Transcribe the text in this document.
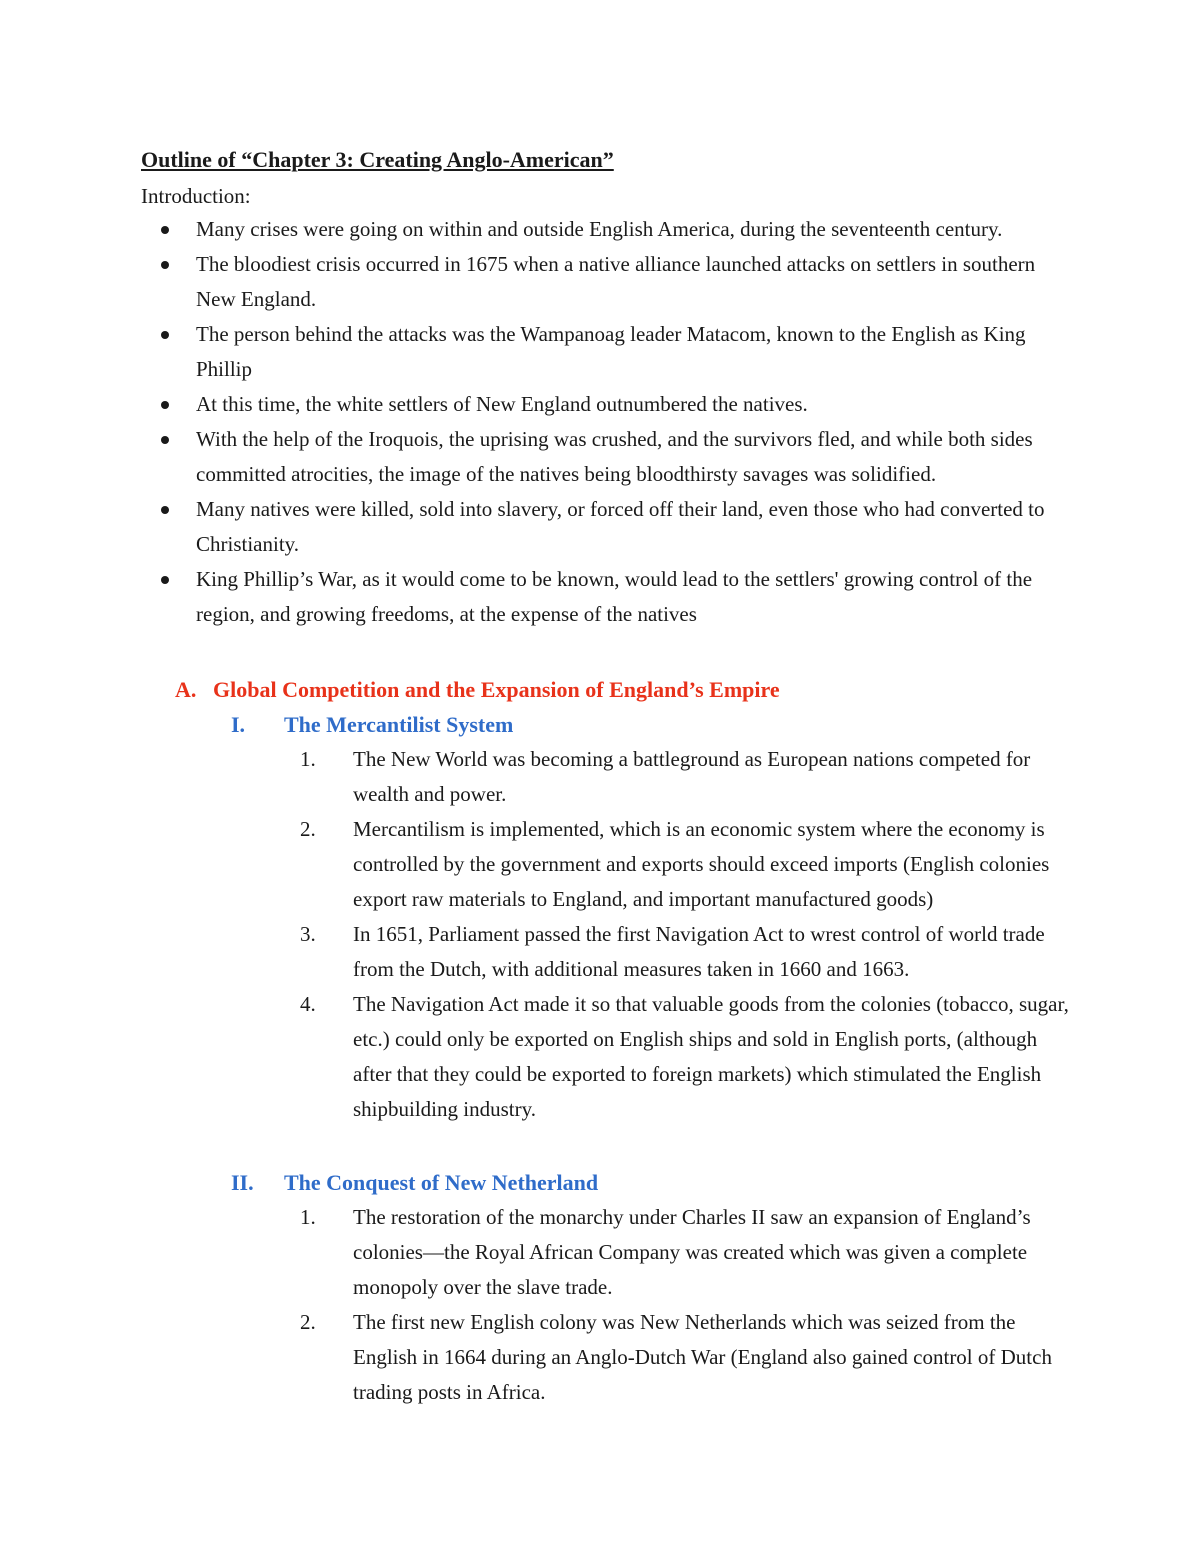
Outline of “Chapter 3: Creating Anglo-American”

Introduction:

Many crises were going on within and outside English America, during the seventeenth century.
The bloodiest crisis occurred in 1675 when a native alliance launched attacks on settlers in southern New England.
The person behind the attacks was the Wampanoag leader Matacom, known to the English as King Phillip
At this time, the white settlers of New England outnumbered the natives.
With the help of the Iroquois, the uprising was crushed, and the survivors fled, and while both sides committed atrocities, the image of the natives being bloodthirsty savages was solidified.
Many natives were killed, sold into slavery, or forced off their land, even those who had converted to Christianity.
King Phillip’s War, as it would come to be known, would lead to the settlers' growing control of the region, and growing freedoms, at the expense of the natives

A. Global Competition and the Expansion of England’s Empire

I. The Mercantilist System

1. The New World was becoming a battleground as European nations competed for wealth and power.
2. Mercantilism is implemented, which is an economic system where the economy is controlled by the government and exports should exceed imports (English colonies export raw materials to England, and important manufactured goods)
3. In 1651, Parliament passed the first Navigation Act to wrest control of world trade from the Dutch, with additional measures taken in 1660 and 1663.
4. The Navigation Act made it so that valuable goods from the colonies (tobacco, sugar, etc.) could only be exported on English ships and sold in English ports, (although after that they could be exported to foreign markets) which stimulated the English shipbuilding industry.

II. The Conquest of New Netherland

1. The restoration of the monarchy under Charles II saw an expansion of England’s colonies—the Royal African Company was created which was given a complete monopoly over the slave trade.
2. The first new English colony was New Netherlands which was seized from the English in 1664 during an Anglo-Dutch War (England also gained control of Dutch trading posts in Africa.
